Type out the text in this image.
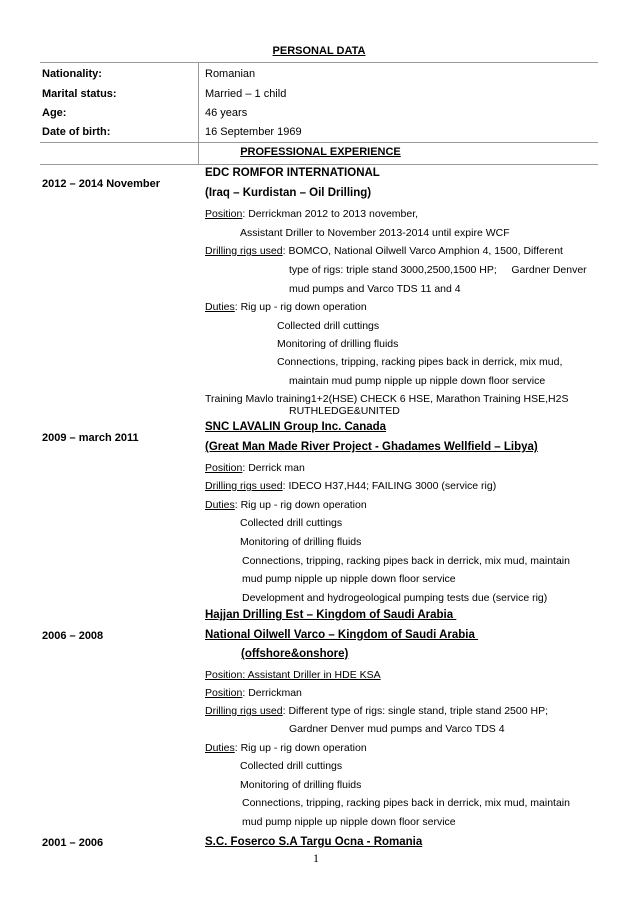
PERSONAL DATA
Nationality:	Romanian
Marital status:	Married – 1 child
Age:	46 years
Date of birth:	16 September 1969
PROFESSIONAL EXPERIENCE
2012 – 2014 November
EDC ROMFOR INTERNATIONAL
(Iraq – Kurdistan – Oil Drilling)
Position: Derrickman 2012 to 2013 november,
Assistant Driller to November 2013-2014 until expire WCF
Drilling rigs used: BOMCO, National Oilwell Varco Amphion 4, 1500, Different
type of rigs: triple stand 3000,2500,1500 HP;     Gardner Denver
mud pumps and Varco TDS 11 and 4
Duties: Rig up - rig down operation
Collected drill cuttings
Monitoring of drilling fluids
Connections, tripping, racking pipes back in derrick, mix mud,
maintain mud pump nipple up nipple down floor service
Training Mavlo training1+2(HSE) CHECK 6 HSE, Marathon Training HSE,H2S
RUTHLEDGE&UNITED
2009 – march 2011
SNC LAVALIN Group Inc. Canada
(Great Man Made River Project - Ghadames Wellfield – Libya)
Position: Derrick man
Drilling rigs used: IDECO H37,H44; FAILING 3000 (service rig)
Duties: Rig up - rig down operation
Collected drill cuttings
Monitoring of drilling fluids
Connections, tripping, racking pipes back in derrick, mix mud, maintain
mud pump nipple up nipple down floor service
Development and hydrogeological pumping tests due (service rig)
2006 – 2008
Hajjan Drilling Est – Kingdom of Saudi Arabia
National Oilwell Varco – Kingdom of Saudi Arabia
(offshore&onshore)
Position: Assistant Driller in HDE KSA
Position: Derrickman
Drilling rigs used: Different type of rigs: single stand, triple stand 2500 HP;
Gardner Denver mud pumps and Varco TDS 4
Duties: Rig up - rig down operation
Collected drill cuttings
Monitoring of drilling fluids
Connections, tripping, racking pipes back in derrick, mix mud, maintain
mud pump nipple up nipple down floor service
2001 – 2006	S.C. Foserco S.A Targu Ocna - Romania
1
